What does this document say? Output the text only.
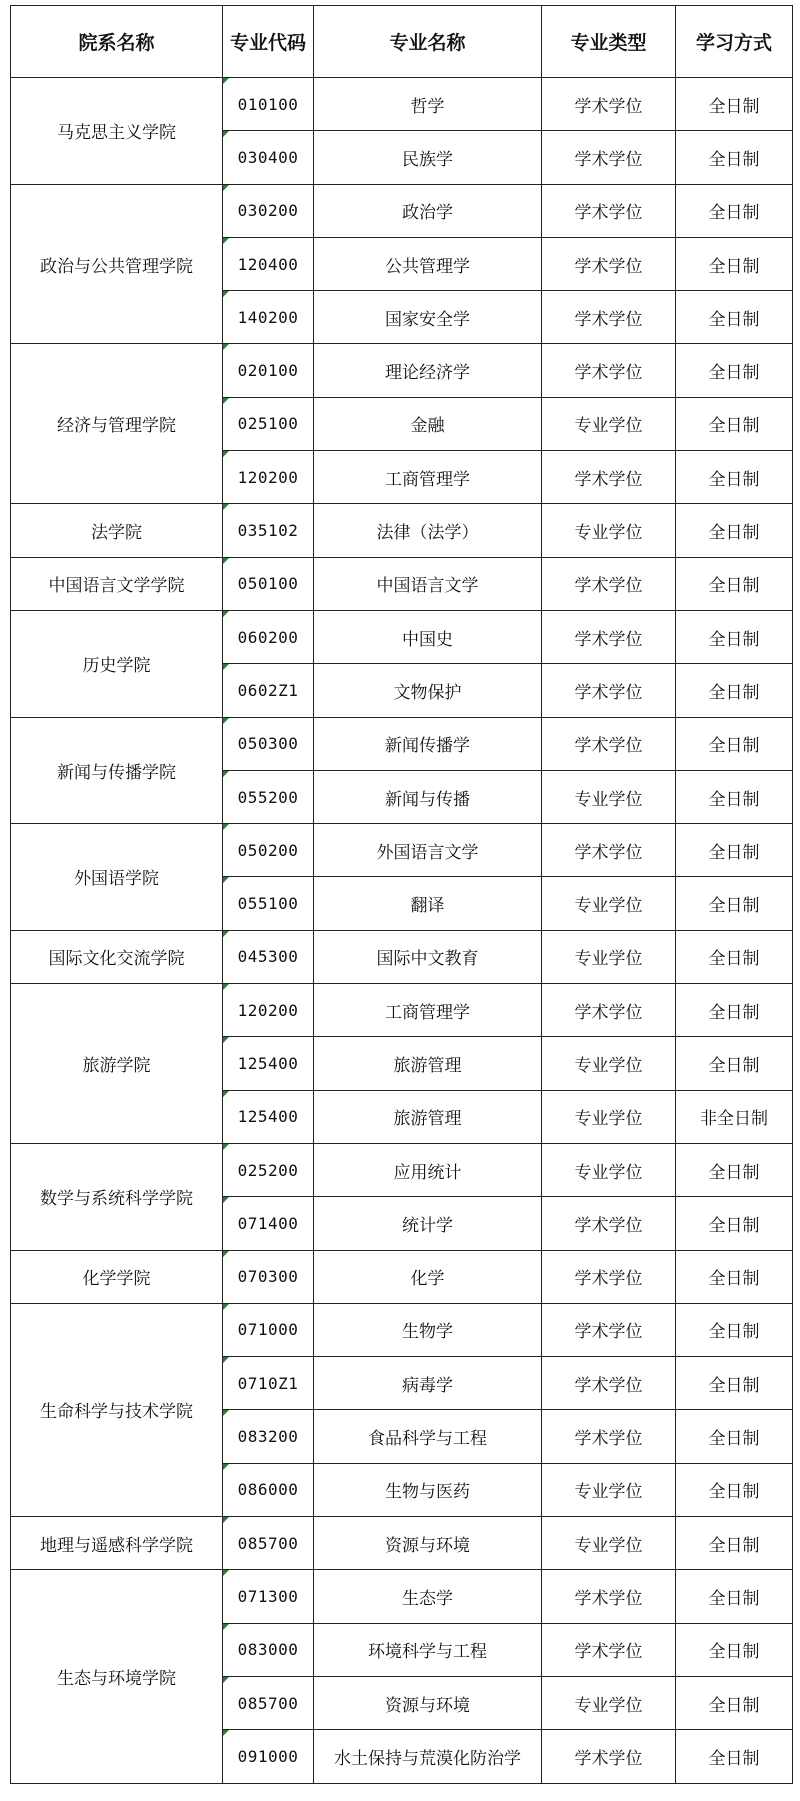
院系名称	专业代码	专业名称	专业类型	学习方式
马克思主义学院	010100	哲学	学术学位	全日制

030400	民族学	学术学位	全日制
政治与公共管理学院	030200	政治学	学术学位	全日制

120400	公共管理学	学术学位	全日制

140200	国家安全学	学术学位	全日制
经济与管理学院	020100	理论经济学	学术学位	全日制

025100	金融	专业学位	全日制

120200	工商管理学	学术学位	全日制
法学院	035102	法律（法学）	专业学位	全日制
中国语言文学学院	050100	中国语言文学	学术学位	全日制
历史学院	060200	中国史	学术学位	全日制

0602Z1	文物保护	学术学位	全日制
新闻与传播学院	050300	新闻传播学	学术学位	全日制

055200	新闻与传播	专业学位	全日制
外国语学院	050200	外国语言文学	学术学位	全日制

055100	翻译	专业学位	全日制
国际文化交流学院	045300	国际中文教育	专业学位	全日制
旅游学院	120200	工商管理学	学术学位	全日制

125400	旅游管理	专业学位	全日制

125400	旅游管理	专业学位	非全日制
数学与系统科学学院	025200	应用统计	专业学位	全日制

071400	统计学	学术学位	全日制
化学学院	070300	化学	学术学位	全日制
生命科学与技术学院	071000	生物学	学术学位	全日制

0710Z1	病毒学	学术学位	全日制

083200	食品科学与工程	学术学位	全日制

086000	生物与医药	专业学位	全日制
地理与遥感科学学院	085700	资源与环境	专业学位	全日制
生态与环境学院	071300	生态学	学术学位	全日制

083000	环境科学与工程	学术学位	全日制

085700	资源与环境	专业学位	全日制

091000	水土保持与荒漠化防治学	学术学位	全日制
